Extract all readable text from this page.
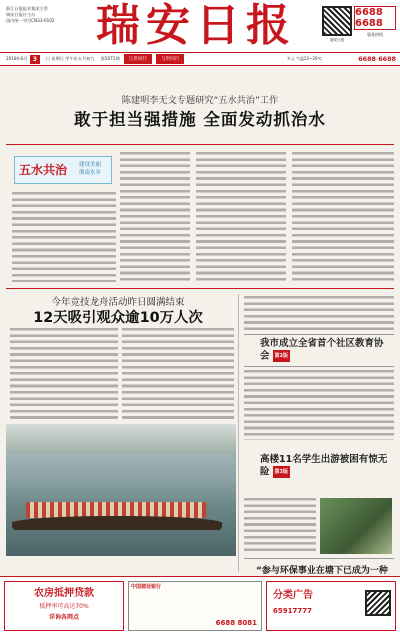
浙江日报报业集团主管
瑞安日报社主办
国内统一刊号CN33-0102 瑞安日报	瑞安日报
6688 6688
服务热线
2018年6月 3	日 星期日 甲午年五月初九 第5071期	与世同行	与世同行	多云 气温22~29℃	6688 6688
陈建明李无文专题研究“五水共治”工作
敢于担当强措施 全面发动抓治水
五水共治 建设美丽
浙南水乡
今年竞技龙舟活动昨日圆满结束
12天吸引观众逾10万人次
我市成立全省首个社区教育协会 第2版
高楼11名学生出游被困有惊无险 第3版
“参与环保事业在塘下已成为一种
农房抵押贷款
抵押率可高达70%
详询各网点
中国建设银行
6688 8081
分类广告
65917777
